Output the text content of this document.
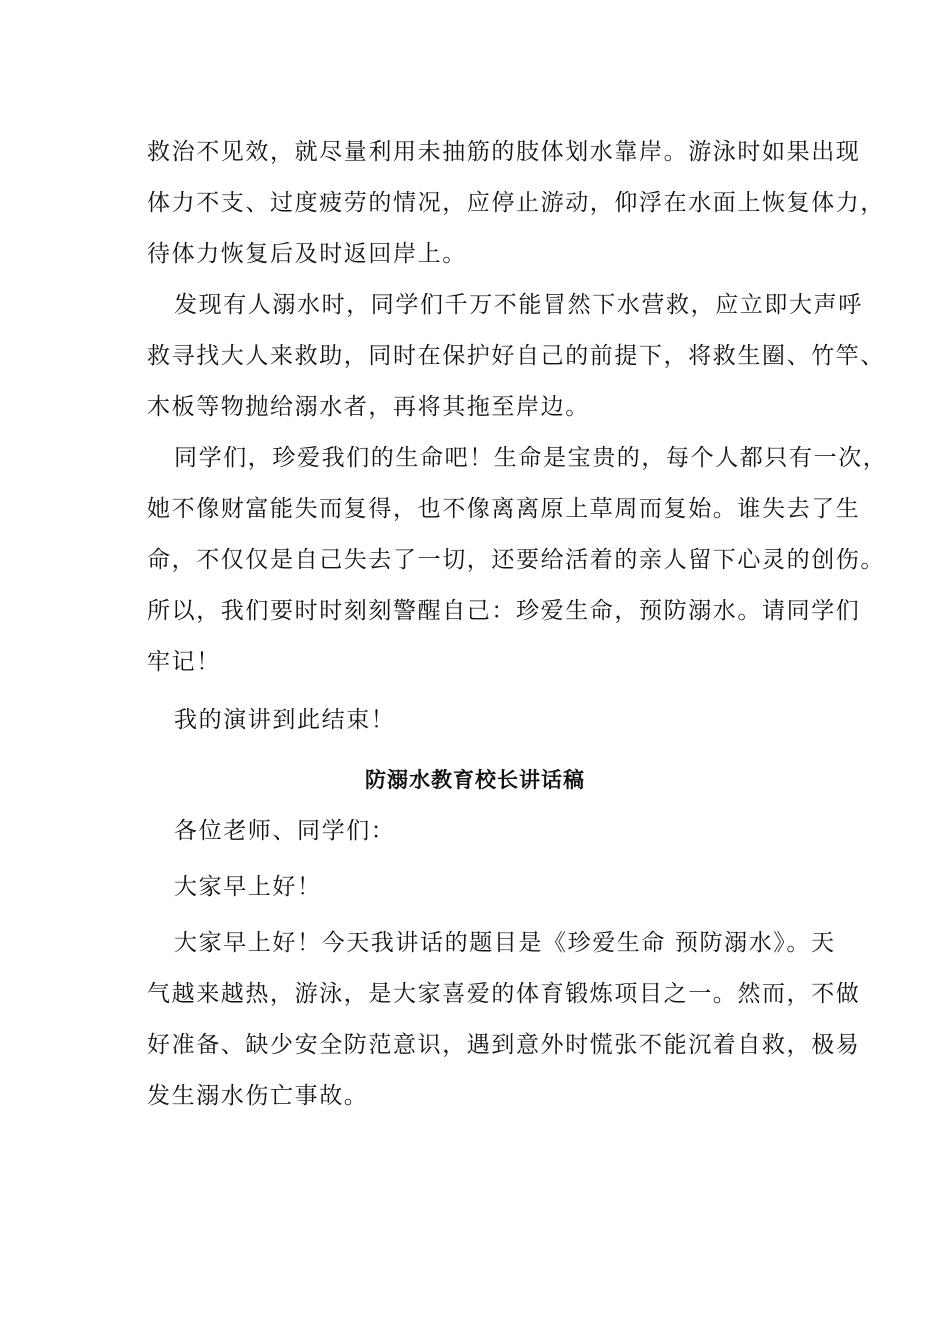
救治不见效，就尽量利用未抽筋的肢体划水靠岸。游泳时如果出现
体力不支、过度疲劳的情况，应停止游动，仰浮在水面上恢复体力，
待体力恢复后及时返回岸上。
发现有人溺水时，同学们千万不能冒然下水营救，应立即大声呼
救寻找大人来救助，同时在保护好自己的前提下，将救生圈、竹竿、
木板等物抛给溺水者，再将其拖至岸边。
同学们，珍爱我们的生命吧！生命是宝贵的，每个人都只有一次，
她不像财富能失而复得，也不像离离原上草周而复始。谁失去了生
命，不仅仅是自己失去了一切，还要给活着的亲人留下心灵的创伤。
所以，我们要时时刻刻警醒自己：珍爱生命，预防溺水。请同学们
牢记！
我的演讲到此结束！
防溺水教育校长讲话稿
各位老师、同学们：
大家早上好！
大家早上好！今天我讲话的题目是《珍爱生命 预防溺水》。天
气越来越热，游泳，是大家喜爱的体育锻炼项目之一。然而，不做
好准备、缺少安全防范意识，遇到意外时慌张不能沉着自救，极易
发生溺水伤亡事故。
